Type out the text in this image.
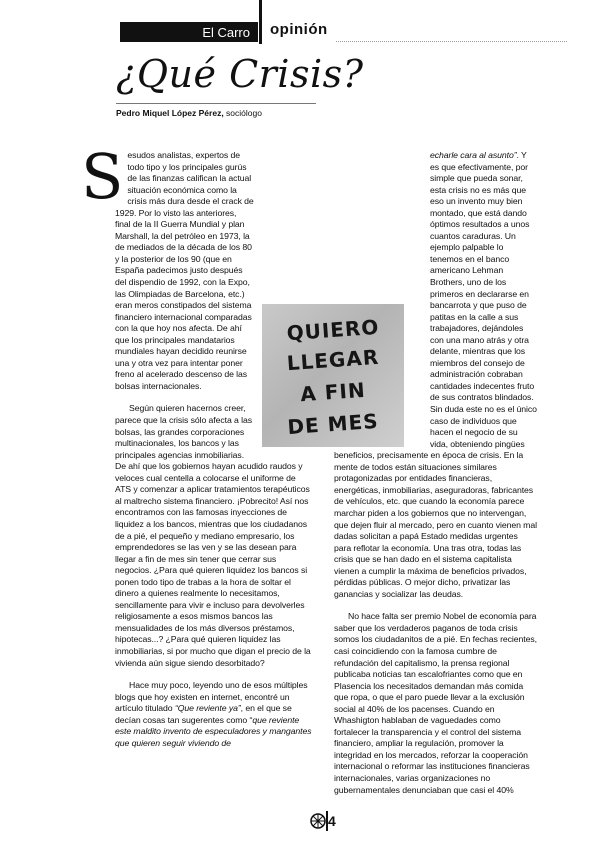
El Carro	opinión
¿Qué Crisis?
Pedro Miquel López Pérez, sociólogo

Sesudos analistas, expertos de todo tipo y los principales gurús de las finanzas califican la actual situación económica como la crisis más dura desde el crack de 1929. Por lo visto las anteriores, final de la II Guerra Mundial y plan Marshall, la del petróleo en 1973, la de mediados de la década de los 80 y la posterior de los 90 (que en España padecimos justo después del dispendio de 1992, con la Expo, las Olimpiadas de Barcelona, etc.) eran meros constipados del sistema financiero internacional comparadas con la que hoy nos afecta. De ahí que los principales mandatarios mundiales hayan decidido reunirse una y otra vez para intentar poner freno al acelerado descenso de las bolsas internacionales.

Según quieren hacernos creer, parece que la crisis sólo afecta a las bolsas, las grandes corporaciones multinacionales, los bancos y las principales agencias inmobiliarias. De ahí que los gobiernos hayan acudido raudos y veloces cual centella a colocarse el uniforme de ATS y comenzar a aplicar tratamientos terapéuticos al maltrecho sistema financiero. ¡Pobrecito! Así nos encontramos con las famosas inyecciones de liquidez a los bancos, mientras que los ciudadanos de a pié, el pequeño y mediano empresario, los emprendedores se las ven y se las desean para llegar a fin de mes sin tener que cerrar sus negocios. ¿Para qué quieren liquidez los bancos si ponen todo tipo de trabas a la hora de soltar el dinero a quienes realmente lo necesitamos, sencillamente para vivir e incluso para devolverles religiosamente a esos mismos bancos las mensualidades de los más diversos préstamos, hipotecas...? ¿Para qué quieren liquidez las inmobiliarias, si por mucho que digan el precio de la vivienda aún sigue siendo desorbitado?

Hace muy poco, leyendo uno de esos múltiples blogs que hoy existen en internet, encontré un artículo titulado “Que reviente ya”, en el que se decían cosas tan sugerentes como “que reviente este maldito invento de especuladores y mangantes que quieren seguir viviendo de

echarle cara al asunto”. Y es que efectivamente, por simple que pueda sonar, esta crisis no es más que eso un invento muy bien montado, que está dando óptimos resultados a unos cuantos caraduras. Un ejemplo palpable lo tenemos en el banco americano Lehman Brothers, uno de los primeros en declararse en bancarrota y que puso de patitas en la calle a sus trabajadores, dejándoles con una mano atrás y otra delante, mientras que los miembros del consejo de administración cobraban cantidades indecentes fruto de sus contratos blindados. Sin duda este no es el único caso de individuos que hacen el negocio de su vida, obteniendo pingües beneficios, precisamente en época de crisis. En la mente de todos están situaciones similares protagonizadas por entidades financieras, energéticas, inmobiliarias, aseguradoras, fabricantes de vehículos, etc. que cuando la economía parece marchar piden a los gobiernos que no intervengan, que dejen fluir al mercado, pero en cuanto vienen mal dadas solicitan a papá Estado medidas urgentes para reflotar la economía. Una tras otra, todas las crisis que se han dado en el sistema capitalista vienen a cumplir la máxima de beneficios privados, pérdidas públicas. O mejor dicho, privatizar las ganancias y socializar las deudas.

No hace falta ser premio Nobel de economía para saber que los verdaderos paganos de toda crisis somos los ciudadanitos de a pié. En fechas recientes, casi coincidiendo con la famosa cumbre de refundación del capitalismo, la prensa regional publicaba noticias tan escalofriantes como que en Plasencia los necesitados demandan más comida que ropa, o que el paro puede llevar a la exclusión social al 40% de los pacenses. Cuando en Whashigton hablaban de vaguedades como fortalecer la transparencia y el control del sistema financiero, ampliar la regulación, promover la integridad en los mercados, reforzar la cooperación internacional o reformar las instituciones financieras internacionales, varias organizaciones no gubernamentales denunciaban que casi el 40%

QUIERO
LLEGAR
A FIN
DE MES
4
